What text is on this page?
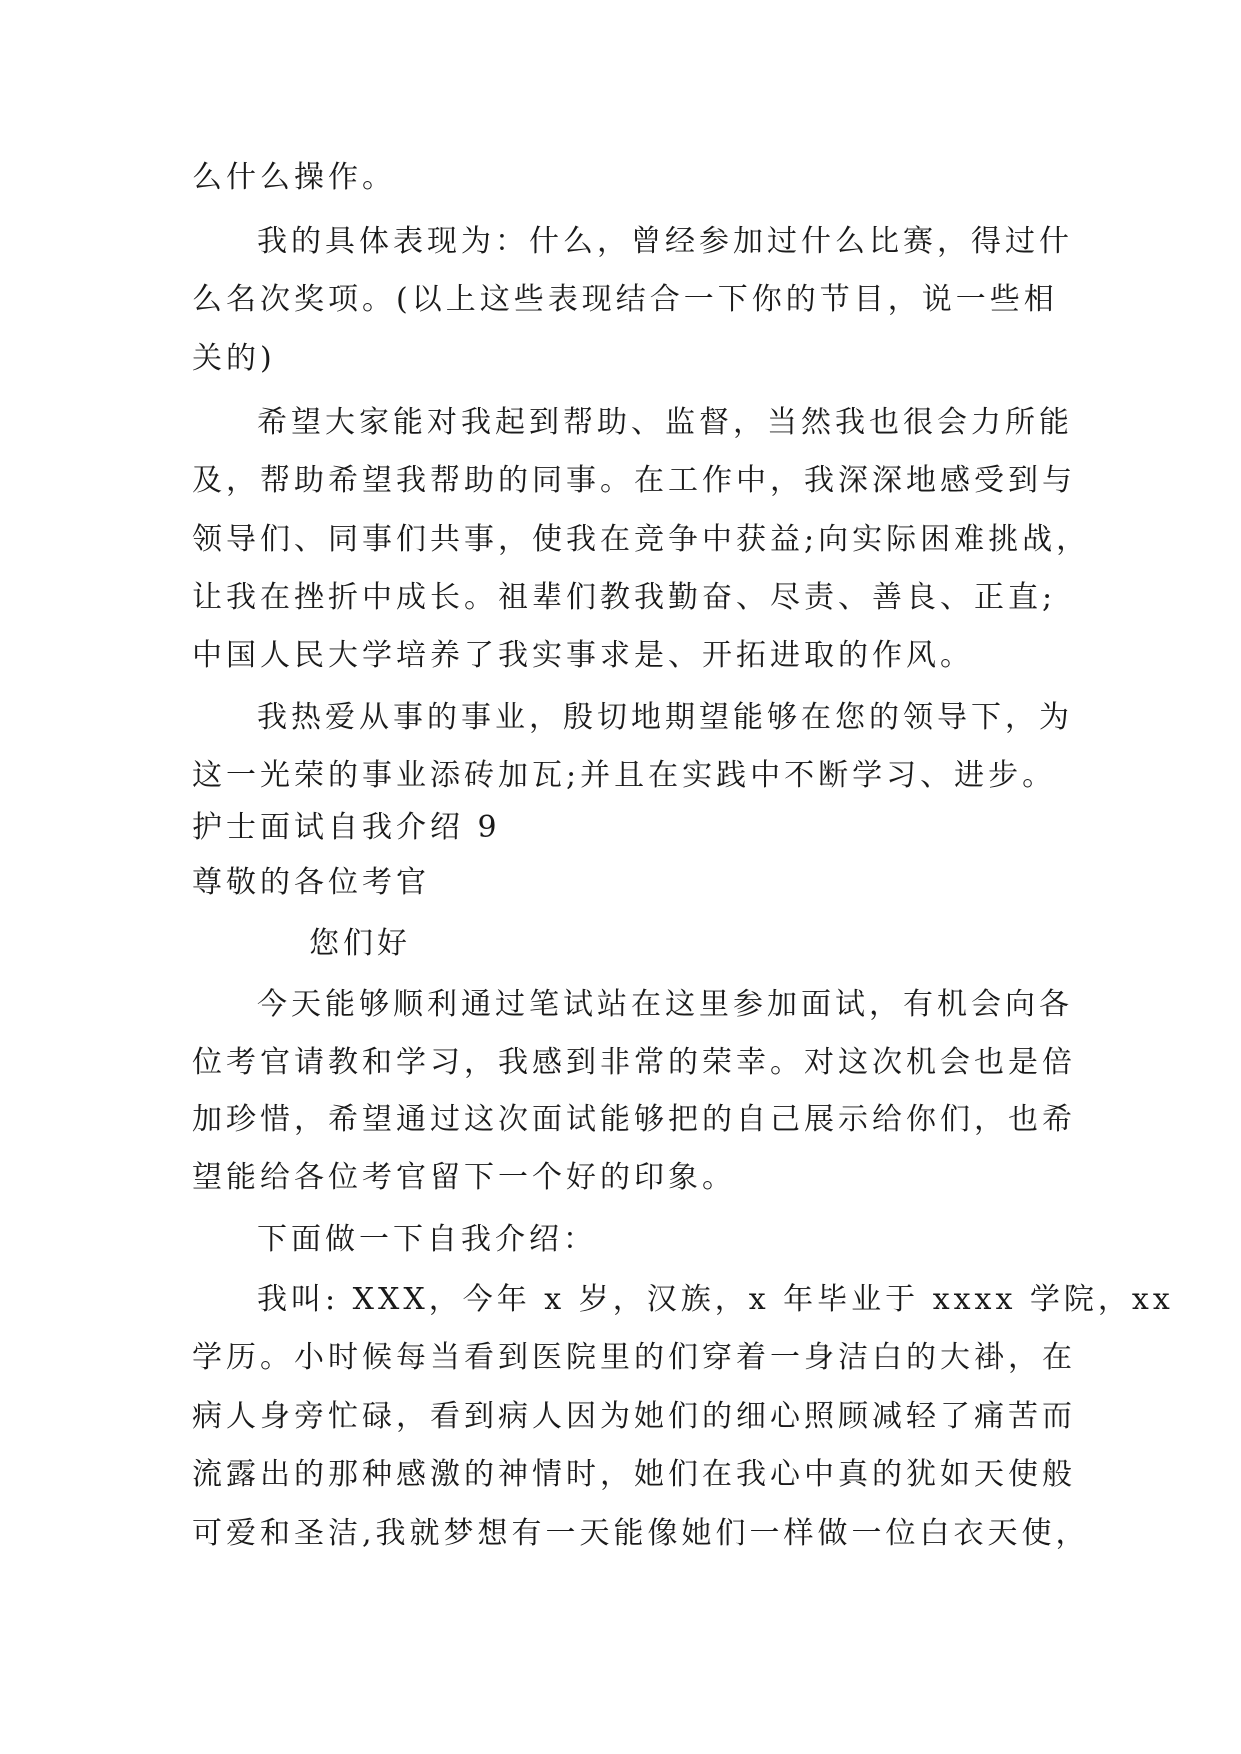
么什么操作。
我的具体表现为：什么，曾经参加过什么比赛，得过什
么名次奖项。(以上这些表现结合一下你的节目，说一些相
关的)
希望大家能对我起到帮助、监督，当然我也很会力所能
及，帮助希望我帮助的同事。在工作中，我深深地感受到与
领导们、同事们共事，使我在竞争中获益;向实际困难挑战，
让我在挫折中成长。祖辈们教我勤奋、尽责、善良、正直;
中国人民大学培养了我实事求是、开拓进取的作风。
我热爱从事的事业，殷切地期望能够在您的领导下，为
这一光荣的事业添砖加瓦;并且在实践中不断学习、进步。
护士面试自我介绍 9
尊敬的各位考官
您们好
今天能够顺利通过笔试站在这里参加面试，有机会向各
位考官请教和学习，我感到非常的荣幸。对这次机会也是倍
加珍惜，希望通过这次面试能够把的自己展示给你们，也希
望能给各位考官留下一个好的印象。
下面做一下自我介绍：
我叫: XXX，今年 x 岁，汉族，x 年毕业于 xxxx 学院，xx
学历。小时候每当看到医院里的们穿着一身洁白的大褂，在
病人身旁忙碌，看到病人因为她们的细心照顾减轻了痛苦而
流露出的那种感激的神情时，她们在我心中真的犹如天使般
可爱和圣洁,我就梦想有一天能像她们一样做一位白衣天使，
